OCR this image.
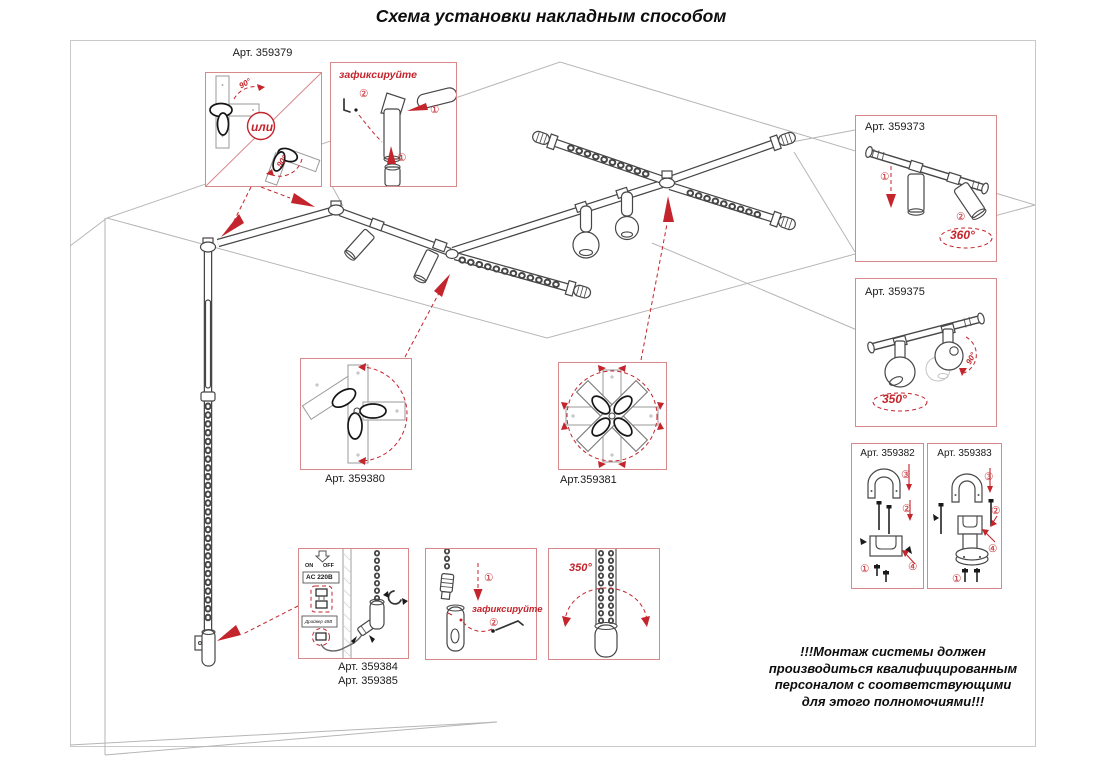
Схема установки накладным способом
Арт. 359379
90°
90°
или
зафиксируйте
②
①
①
Арт. 359373
①
②
360°
Арт. 359375
350°
90°
Арт. 359382
③
②
①	④
Арт. 359383
③
②
④
①
Арт. 359380	Арт.359381
ON OFF
AC 220В
Драйвер 48В
Арт. 359384
Арт. 359385
①
зафиксируйте
②
350°
!!!Монтаж системы должен
производиться квалифицированным
персоналом с соответствующими
для этого полномочиями!!!
